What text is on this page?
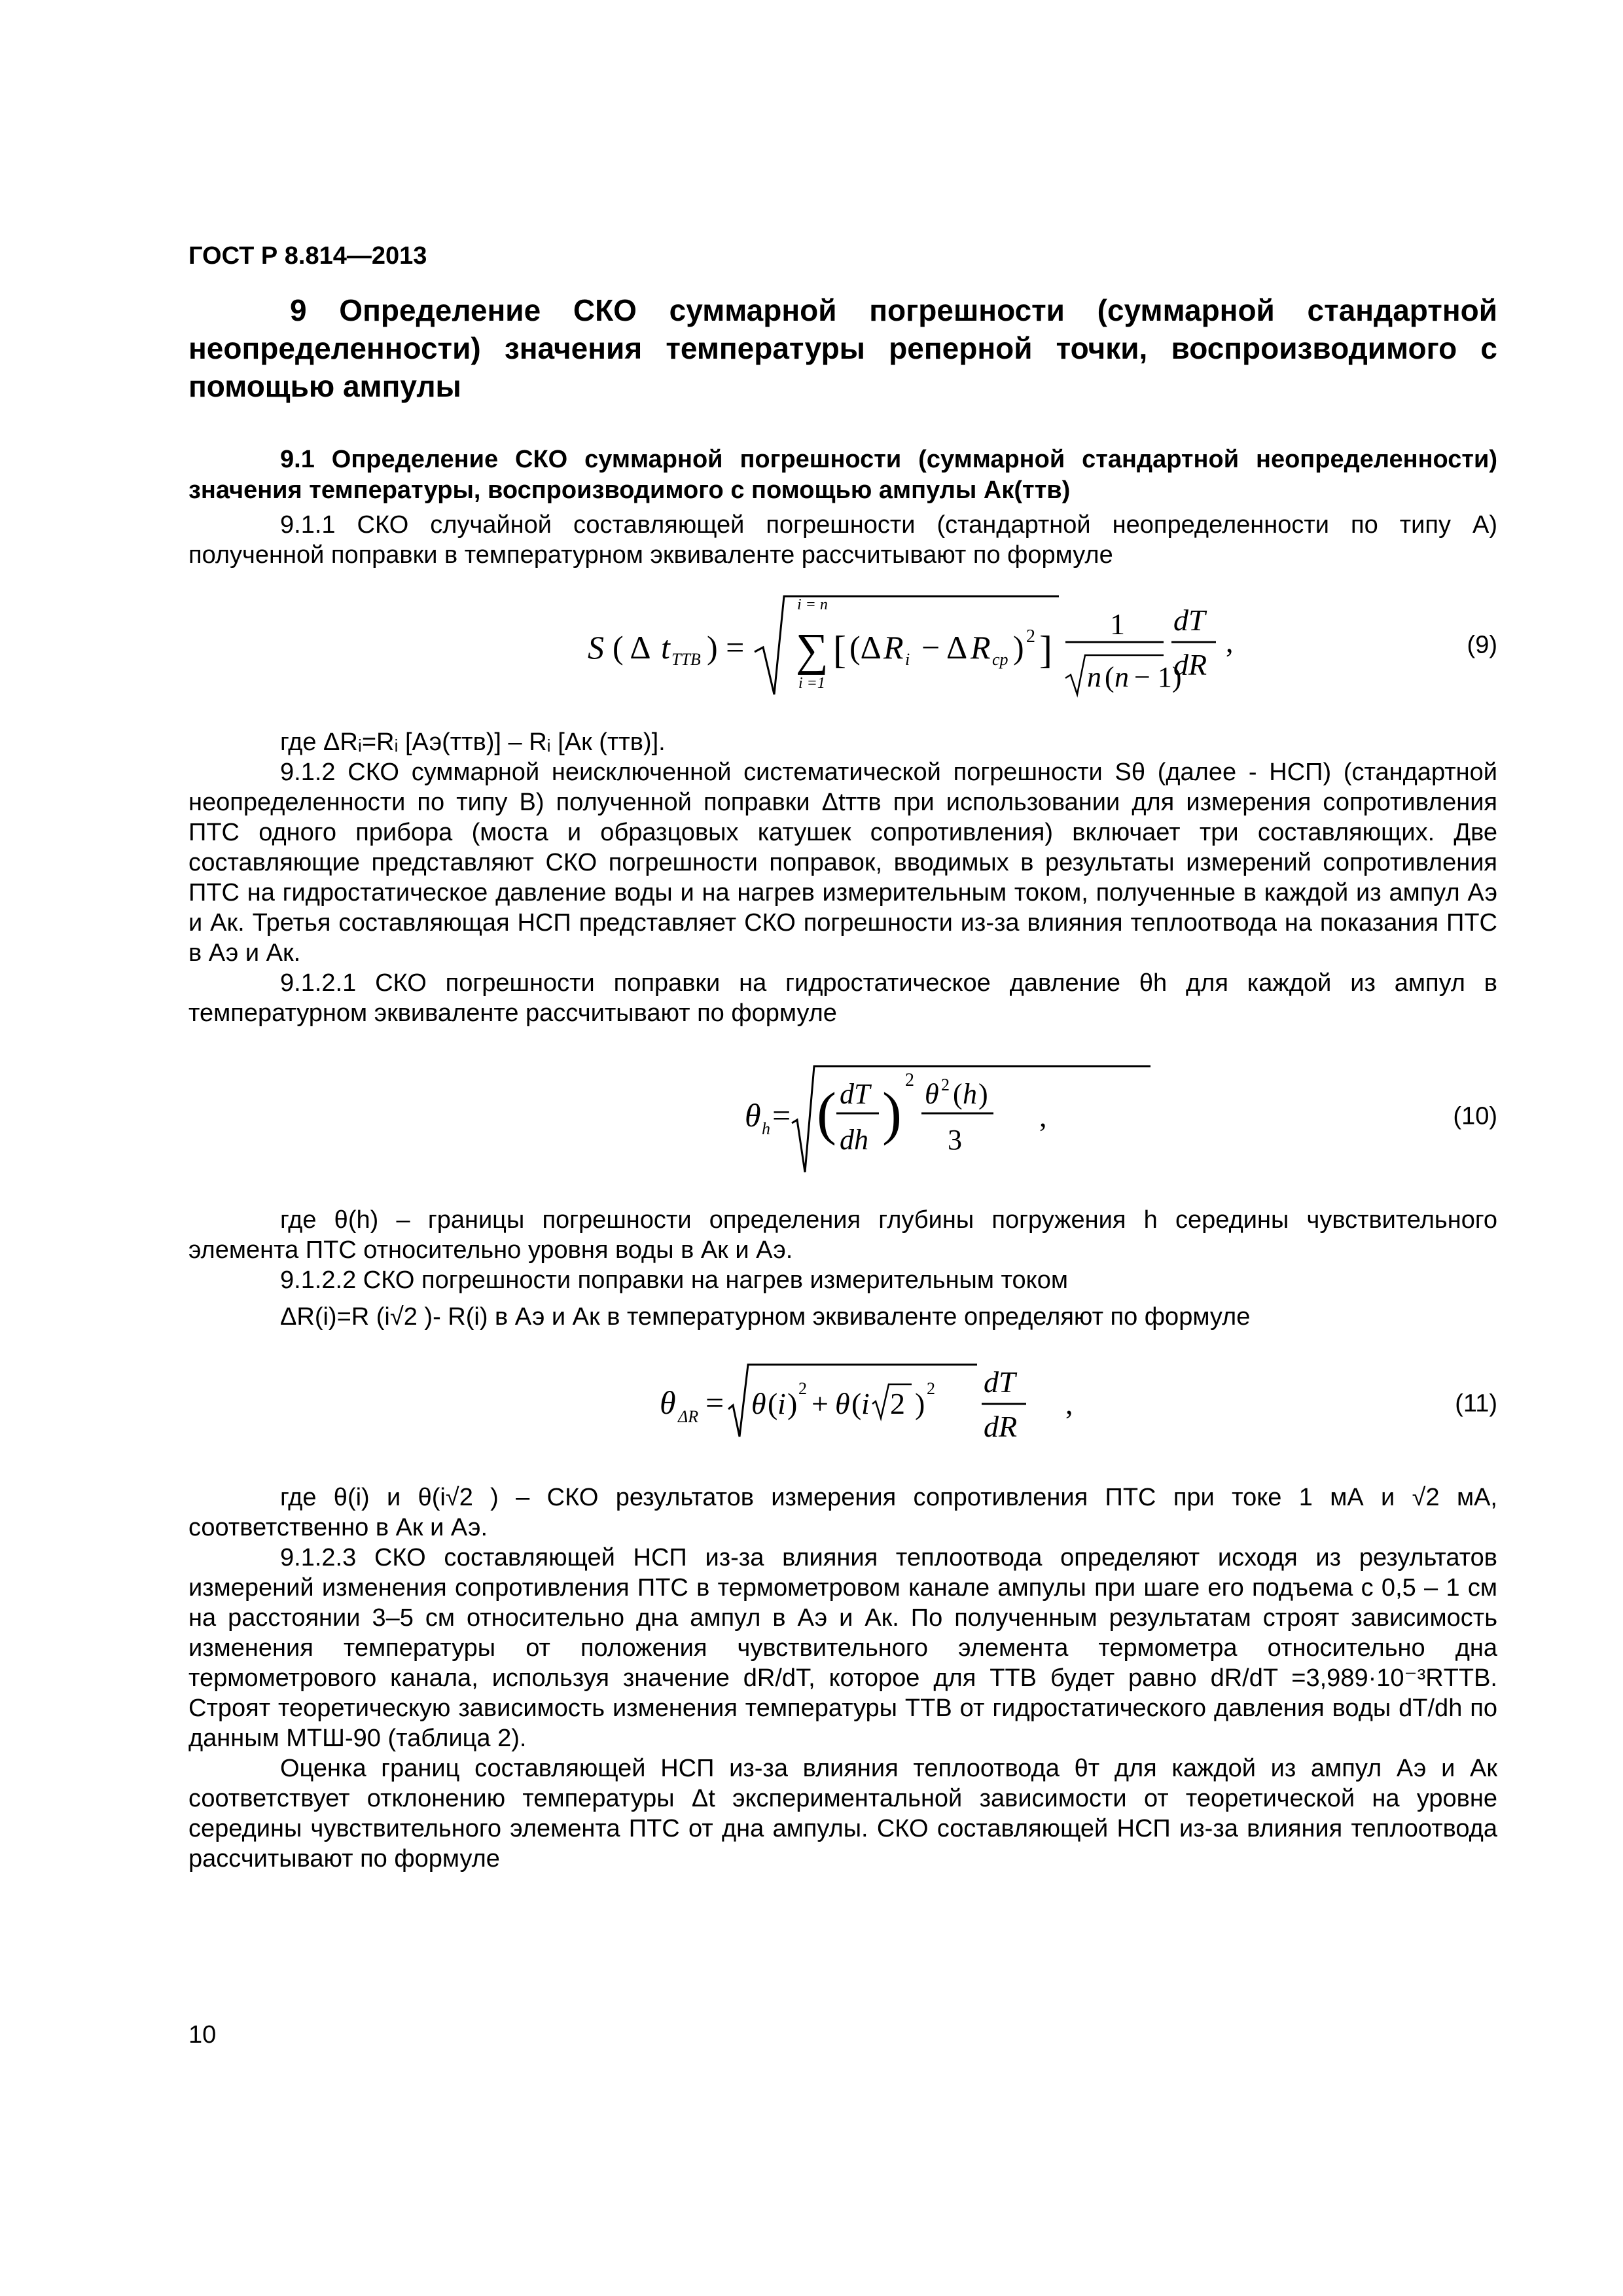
ГОСТ Р 8.814—2013
9 Определение СКО суммарной погрешности (суммарной стандартной неопределенности) значения температуры реперной точки, воспроизводимого с помощью ампулы
9.1 Определение СКО суммарной погрешности (суммарной стандартной неопределенности) значения температуры, воспроизводимого с помощью ампулы Ак(ттв)

9.1.1 СКО случайной составляющей погрешности (стандартной неопределенности по типу А) полученной поправки в температурном эквиваленте рассчитывают по формуле

S ( Δ t TTB ) =
i = n
∑
i =1
[ (Δ R i − Δ R cp ) 2 ]
1
n ( n − 1)
dT
dR
,	(9)

где ΔRᵢ=Rᵢ [Аэ(ттв)] – Rᵢ [Ак (ттв)].

9.1.2 СКО суммарной неисключенной систематической погрешности Sθ (далее - НСП) (стандартной неопределенности по типу В) полученной поправки Δtттв при использовании для измерения сопротивления ПТС одного прибора (моста и образцовых катушек сопротивления) включает три составляющих. Две составляющие представляют СКО погрешности поправок, вводимых в результаты измерений сопротивления ПТС на гидростатическое давление воды и на нагрев измерительным током, полученные в каждой из ампул Аэ и Ак. Третья составляющая НСП представляет СКО погрешности из-за влияния теплоотвода на показания ПТС в Аэ и Ак.

9.1.2.1 СКО погрешности поправки на гидростатическое давление θh для каждой из ампул в температурном эквиваленте рассчитывают по формуле

θ h = ( dT
dh )
2 θ 2 ( h )
3
,	(10)

где θ(h) – границы погрешности определения глубины погружения h середины чувствительного элемента ПТС относительно уровня воды в Ак и Аэ.

9.1.2.2 СКО погрешности поправки на нагрев измерительным током

ΔR(i)=R (i√2 )- R(i) в Аэ и Ак в температурном эквиваленте определяют по формуле

θ ΔR = θ ( i ) 2 + θ ( i 2 ) 2 dT
dR
,	(11)

где θ(i) и θ(i√2 ) – СКО результатов измерения сопротивления ПТС при токе 1 мА и √2 мА, соответственно в Ак и Аэ.

9.1.2.3 СКО составляющей НСП из-за влияния теплоотвода определяют исходя из результатов измерений изменения сопротивления ПТС в термометровом канале ампулы при шаге его подъема с 0,5 – 1 см на расстоянии 3–5 см относительно дна ампул в Аэ и Ак. По полученным результатам строят зависимость изменения температуры от положения чувствительного элемента термометра относительно дна термометрового канала, используя значение dR/dT, которое для ТТВ будет равно dR/dT =3,989·10⁻³RТТВ. Строят теоретическую зависимость изменения температуры ТТВ от гидростатического давления воды dT/dh по данным МТШ-90 (таблица 2).

Оценка границ составляющей НСП из-за влияния теплоотвода θт для каждой из ампул Аэ и Ак соответствует отклонению температуры Δt экспериментальной зависимости от теоретической на уровне середины чувствительного элемента ПТС от дна ампулы. СКО составляющей НСП из-за влияния теплоотвода рассчитывают по формуле

10
